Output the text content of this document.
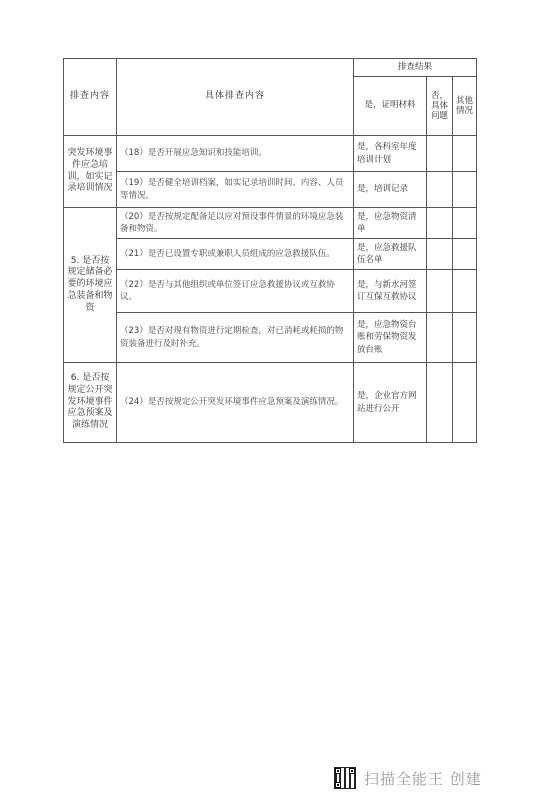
排查内容	具体排查内容	排查结果		
		是，证明材料	否，具体问题	其他情况
突发环境事件应急培训，如实记录培训情况	（18）是否开展应急知识和技能培训。	是，各科室年度培训计划		
	（19）是否健全培训档案，如实记录培训时间、内容、人员等情况。	是，培训记录		
5. 是否按规定储备必要的环境应急装备和物资	（20）是否按规定配备足以应对预设事件情景的环境应急装备和物资。	是，应急物资清单		
	（21）是否已设置专职或兼职人员组成的应急救援队伍。	是，应急救援队伍名单		
	（22）是否与其他组织或单位签订应急救援协议或互救协议。	是，与新水河签订互保互救协议		
	（23）是否对现有物资进行定期检查，对已消耗或耗损的物资装备进行及时补充。	是，应急物资台账和劳保物资发放台账		
6. 是否按规定公开突发环境事件应急预案及演练情况	（24）是否按规定公开突发环境事件应急预案及演练情况。	是，企业官方网站进行公开		
扫描全能王 创建
